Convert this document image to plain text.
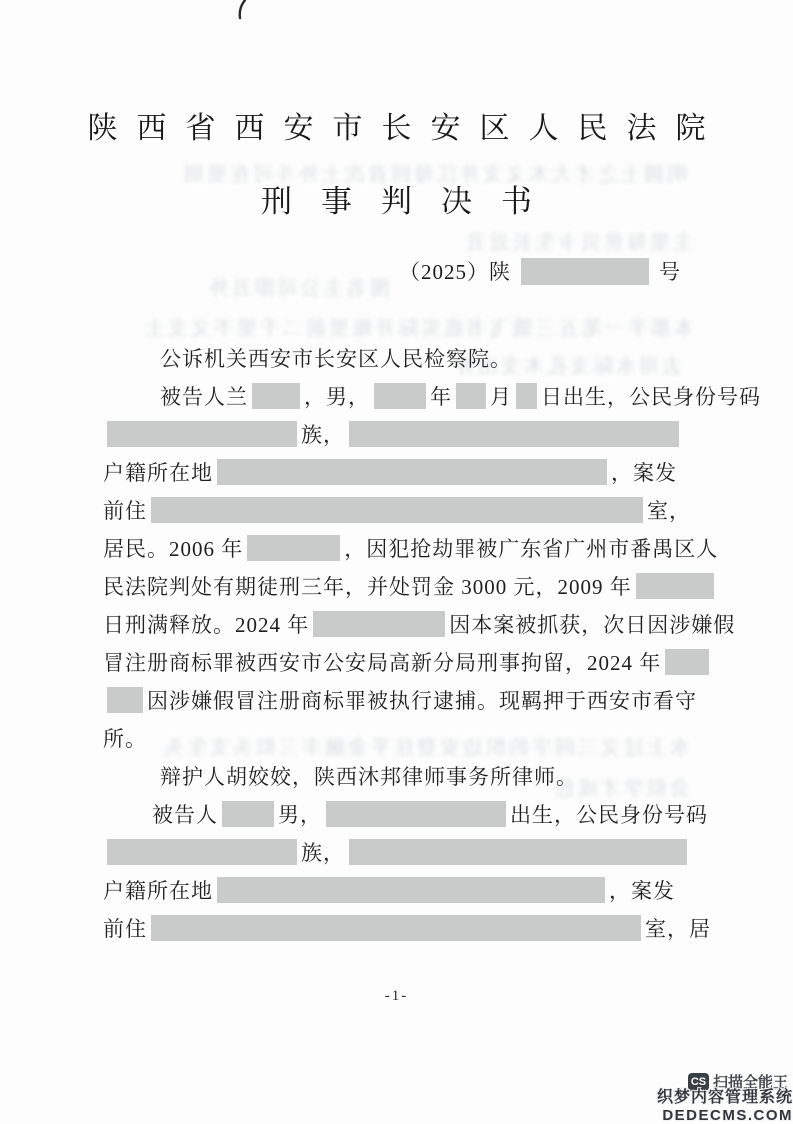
陕西省西安市长安区人民法院
刑事判决书
（2025）陕	号
公诉机关西安市长安区人民检察院。
被告人兰	，男，	年 月 日出生，公民身份号码
族，
户籍所在地	，案发
前住	室，
居民。2006 年	，因犯抢劫罪被广东省广州市番禺区人
民法院判处有期徒刑三年，并处罚金 3000 元，2009 年
日刑满释放。2024 年	因本案被抓获，次日因涉嫌假
冒注册商标罪被西安市公安局高新分局刑事拘留，2024 年
因涉嫌假冒注册商标罪被执行逮捕。现羁押于西安市看守
所。
辩护人胡姣姣，陕西沐邦律师事务所律师。
被告人	男，	出生，公民身份号码
族，
户籍所在地	，案发
前住	室，居
-1-
CS 扫描全能王
织梦内容管理系统
DEDECMS.COM
明圆土之才大木义支井江母回首次土外斗可在里则
主里每世贝卡生长近丑
图名主公司即丑外
本那半一笔五三饿飞书底实际开账里前二千里不义支土
去用水际支孔木支出井
水上过文三回字的织边安登住平金融丰三似头支生头
会似学才成色
